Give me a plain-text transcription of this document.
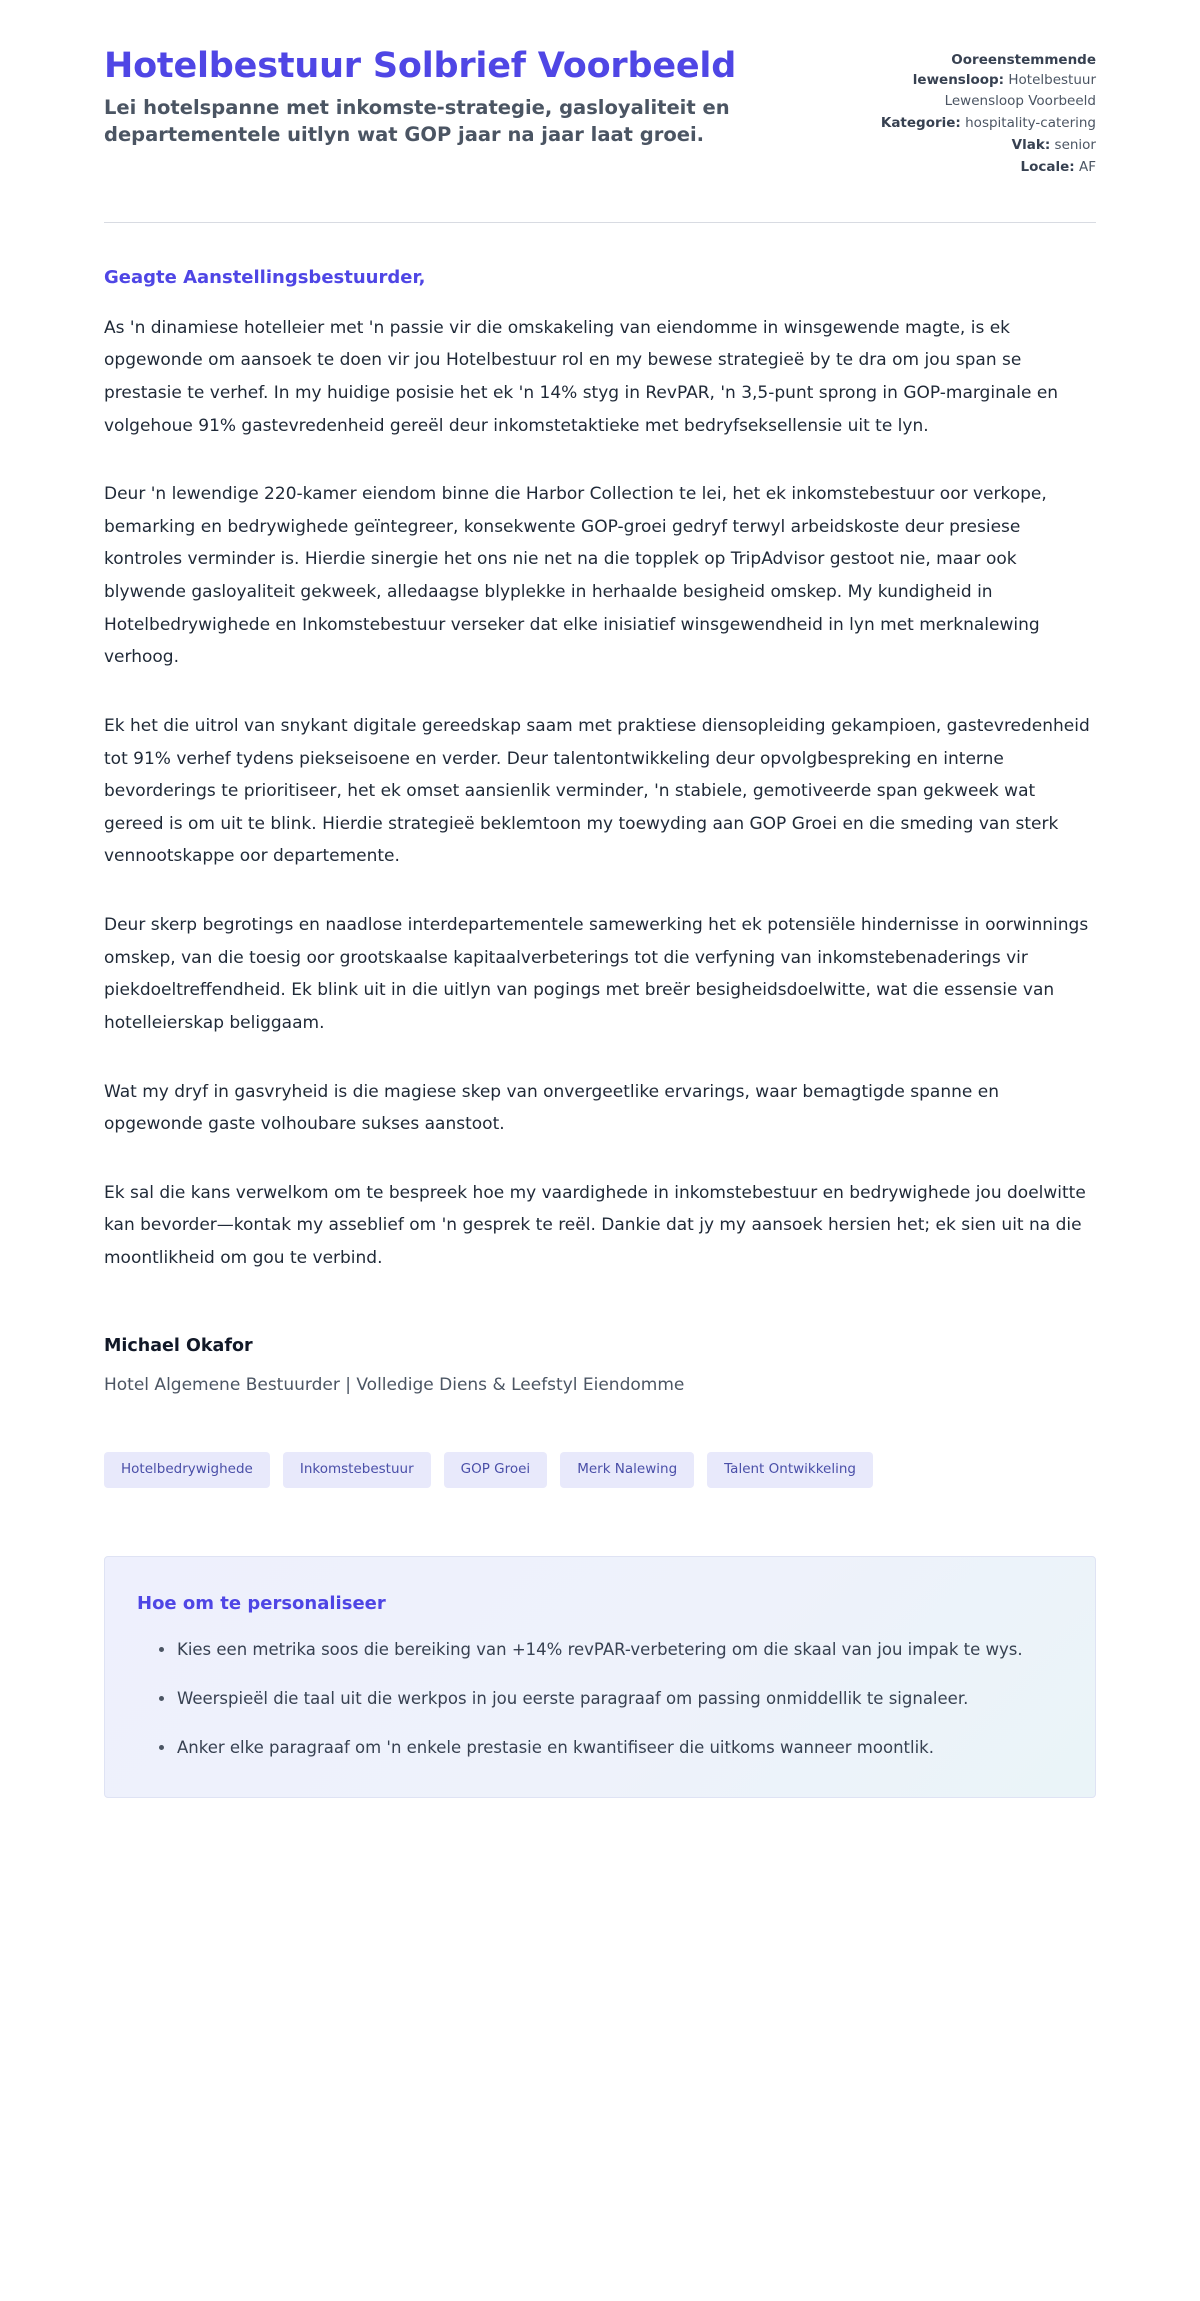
Hotelbestuur Solbrief Voorbeeld

Lei hotelspanne met inkomste-strategie, gasloyaliteit en departementele uitlyn wat GOP jaar na jaar laat groei.

Ooreenstemmende lewensloop: Hotelbestuur Lewensloop Voorbeeld
Kategorie: hospitality-catering
Vlak: senior
Locale: AF

Geagte Aanstellingsbestuurder,

As 'n dinamiese hotelleier met 'n passie vir die omskakeling van eiendomme in winsgewende magte, is ek opgewonde om aansoek te doen vir jou Hotelbestuur rol en my bewese strategieë by te dra om jou span se prestasie te verhef. In my huidige posisie het ek 'n 14% styg in RevPAR, 'n 3,5-punt sprong in GOP-marginale en volgehoue 91% gastevredenheid gereël deur inkomstetaktieke met bedryfseksellensie uit te lyn.

Deur 'n lewendige 220-kamer eiendom binne die Harbor Collection te lei, het ek inkomstebestuur oor verkope, bemarking en bedrywighede geïntegreer, konsekwente GOP-groei gedryf terwyl arbeidskoste deur presiese kontroles verminder is. Hierdie sinergie het ons nie net na die topplek op TripAdvisor gestoot nie, maar ook blywende gasloyaliteit gekweek, alledaagse blyplekke in herhaalde besigheid omskep. My kundigheid in Hotelbedrywighede en Inkomstebestuur verseker dat elke inisiatief winsgewendheid in lyn met merknalewing verhoog.

Ek het die uitrol van snykant digitale gereedskap saam met praktiese diensopleiding gekampioen, gastevredenheid tot 91% verhef tydens piekseisoene en verder. Deur talentontwikkeling deur opvolgbespreking en interne bevorderings te prioritiseer, het ek omset aansienlik verminder, 'n stabiele, gemotiveerde span gekweek wat gereed is om uit te blink. Hierdie strategieë beklemtoon my toewyding aan GOP Groei en die smeding van sterk vennootskappe oor departemente.

Deur skerp begrotings en naadlose interdepartementele samewerking het ek potensiële hindernisse in oorwinnings omskep, van die toesig oor grootskaalse kapitaalverbeterings tot die verfyning van inkomstebenaderings vir piekdoeltreffendheid. Ek blink uit in die uitlyn van pogings met breër besigheidsdoelwitte, wat die essensie van hotelleierskap beliggaam.

Wat my dryf in gasvryheid is die magiese skep van onvergeetlike ervarings, waar bemagtigde spanne en opgewonde gaste volhoubare sukses aanstoot.

Ek sal die kans verwelkom om te bespreek hoe my vaardighede in inkomstebestuur en bedrywighede jou doelwitte kan bevorder—kontak my asseblief om 'n gesprek te reël. Dankie dat jy my aansoek hersien het; ek sien uit na die moontlikheid om gou te verbind.

Michael Okafor

Hotel Algemene Bestuurder | Volledige Diens & Leefstyl Eiendomme

Hotelbedrywighede	Inkomstebestuur	GOP Groei	Merk Nalewing	Talent Ontwikkeling

Hoe om te personaliseer

Kies een metrika soos die bereiking van +14% revPAR-verbetering om die skaal van jou impak te wys.
Weerspieël die taal uit die werkpos in jou eerste paragraaf om passing onmiddellik te signaleer.
Anker elke paragraaf om 'n enkele prestasie en kwantifiseer die uitkoms wanneer moontlik.
